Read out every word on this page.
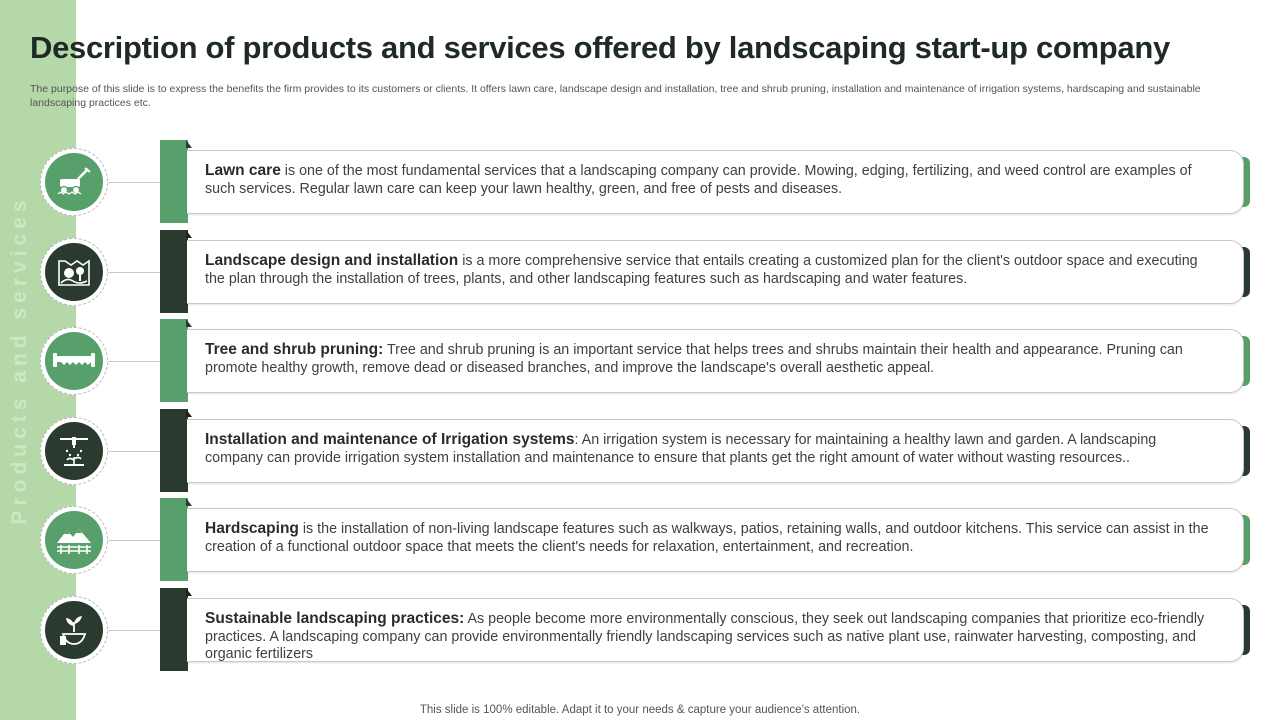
Products and services
Description of products and services offered by landscaping start-up company

The purpose of this slide is to express the benefits the firm provides to its customers or clients. It offers lawn care, landscape design and installation, tree and shrub pruning, installation and maintenance of irrigation systems, hardscaping and sustainable landscaping practices etc.

Lawn care is one of the most fundamental services that a landscaping company can provide. Mowing, edging, fertilizing, and weed control are examples of such services. Regular lawn care can keep your lawn healthy, green, and free of pests and diseases.
Landscape design and installation is a more comprehensive service that entails creating a customized plan for the client's outdoor space and executing the plan through the installation of trees, plants, and other landscaping features such as hardscaping and water features.
Tree and shrub pruning: Tree and shrub pruning is an important service that helps trees and shrubs maintain their health and appearance. Pruning can promote healthy growth, remove dead or diseased branches, and improve the landscape's overall aesthetic appeal.
Installation and maintenance of Irrigation systems: An irrigation system is necessary for maintaining a healthy lawn and garden. A landscaping company can provide irrigation system installation and maintenance to ensure that plants get the right amount of water without wasting resources..
Hardscaping is the installation of non-living landscape features such as walkways, patios, retaining walls, and outdoor kitchens. This service can assist in the creation of a functional outdoor space that meets the client's needs for relaxation, entertainment, and recreation.
Sustainable landscaping practices: As people become more environmentally conscious, they seek out landscaping companies that prioritize eco-friendly practices. A landscaping company can provide environmentally friendly landscaping services such as native plant use, rainwater harvesting, composting, and organic fertilizers
This slide is 100% editable. Adapt it to your needs & capture your audience’s attention.
